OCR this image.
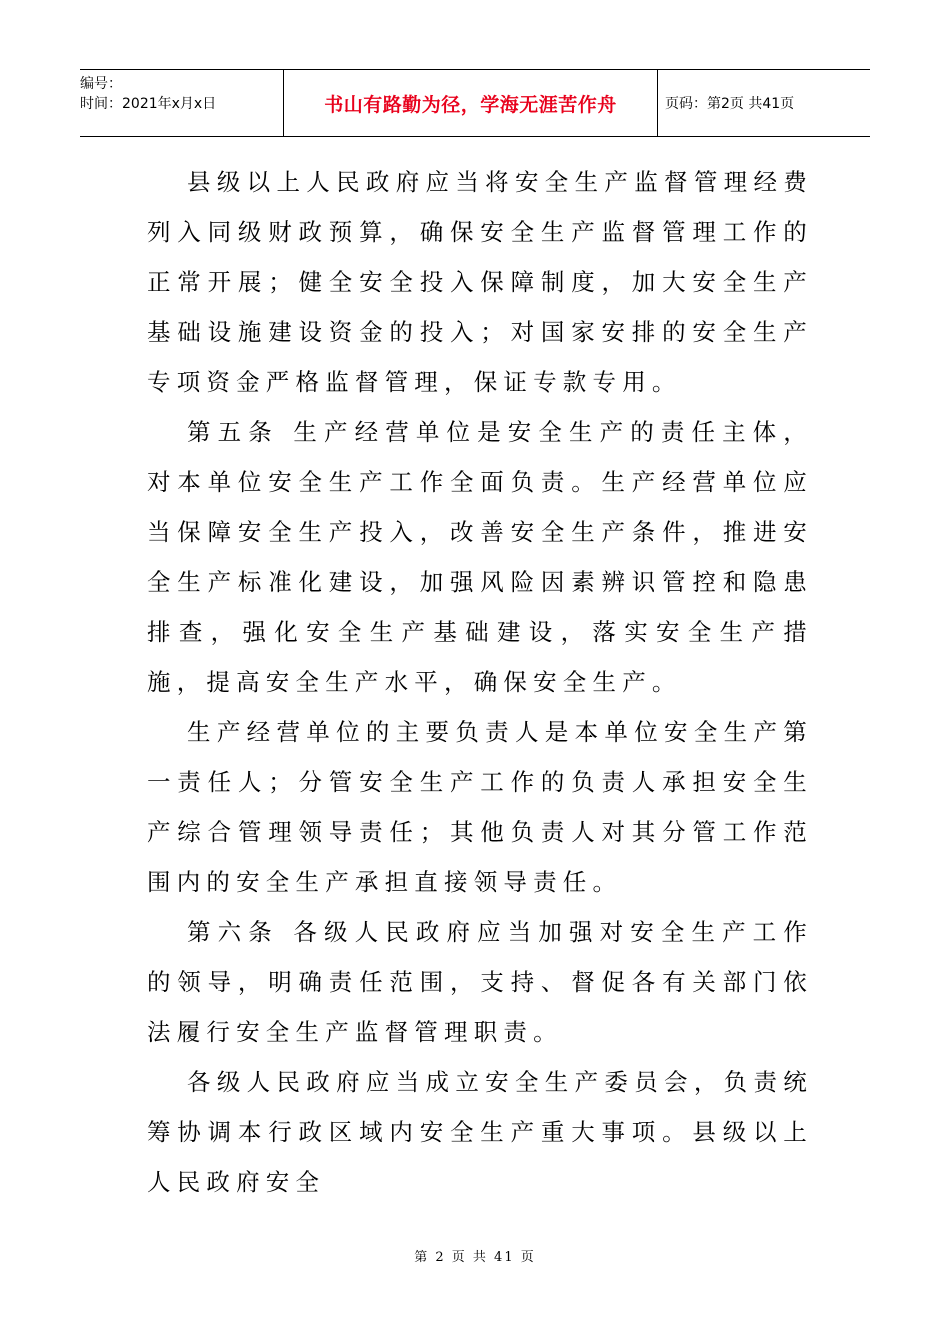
编号：
时间：2021年x月x日	书山有路勤为径，学海无涯苦作舟	页码：第2页 共41页

县级以上人民政府应当将安全生产监督管理经费列入同级财政预算，确保安全生产监督管理工作的正常开展；健全安全投入保障制度，加大安全生产基础设施建设资金的投入；对国家安排的安全生产专项资金严格监督管理，保证专款专用。

第五条 生产经营单位是安全生产的责任主体，对本单位安全生产工作全面负责。生产经营单位应当保障安全生产投入，改善安全生产条件，推进安全生产标准化建设，加强风险因素辨识管控和隐患排查，强化安全生产基础建设，落实安全生产措施，提高安全生产水平，确保安全生产。

生产经营单位的主要负责人是本单位安全生产第一责任人；分管安全生产工作的负责人承担安全生产综合管理领导责任；其他负责人对其分管工作范围内的安全生产承担直接领导责任。

第六条 各级人民政府应当加强对安全生产工作的领导，明确责任范围，支持、督促各有关部门依法履行安全生产监督管理职责。

各级人民政府应当成立安全生产委员会，负责统筹协调本行政区域内安全生产重大事项。县级以上人民政府安全

第 2 页 共 41 页
